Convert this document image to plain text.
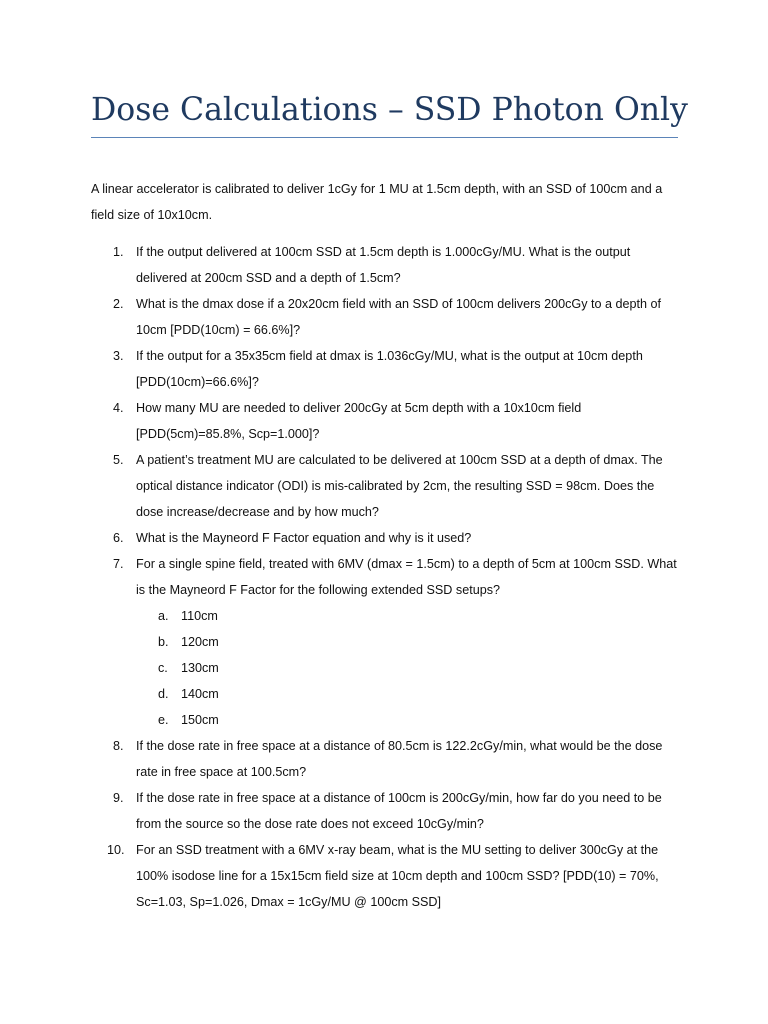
Dose Calculations – SSD Photon Only

A linear accelerator is calibrated to deliver 1cGy for 1 MU at 1.5cm depth, with an SSD of 100cm and a field size of 10x10cm.

1. If the output delivered at 100cm SSD at 1.5cm depth is 1.000cGy/MU. What is the output delivered at 200cm SSD and a depth of 1.5cm?
2. What is the dmax dose if a 20x20cm field with an SSD of 100cm delivers 200cGy to a depth of 10cm [PDD(10cm) = 66.6%]?
3. If the output for a 35x35cm field at dmax is 1.036cGy/MU, what is the output at 10cm depth [PDD(10cm)=66.6%]?
4. How many MU are needed to deliver 200cGy at 5cm depth with a 10x10cm field [PDD(5cm)=85.8%, Scp=1.000]?
5. A patient’s treatment MU are calculated to be delivered at 100cm SSD at a depth of dmax. The optical distance indicator (ODI) is mis-calibrated by 2cm, the resulting SSD = 98cm. Does the dose increase/decrease and by how much?
6. What is the Mayneord F Factor equation and why is it used?
7. For a single spine field, treated with 6MV (dmax = 1.5cm) to a depth of 5cm at 100cm SSD. What is the Mayneord F Factor for the following extended SSD setups?
a. 110cm
b. 120cm
c. 130cm
d. 140cm
e. 150cm
8. If the dose rate in free space at a distance of 80.5cm is 122.2cGy/min, what would be the dose rate in free space at 100.5cm?
9. If the dose rate in free space at a distance of 100cm is 200cGy/min, how far do you need to be from the source so the dose rate does not exceed 10cGy/min?
10. For an SSD treatment with a 6MV x-ray beam, what is the MU setting to deliver 300cGy at the 100% isodose line for a 15x15cm field size at 10cm depth and 100cm SSD? [PDD(10) = 70%, Sc=1.03, Sp=1.026, Dmax = 1cGy/MU @ 100cm SSD]
